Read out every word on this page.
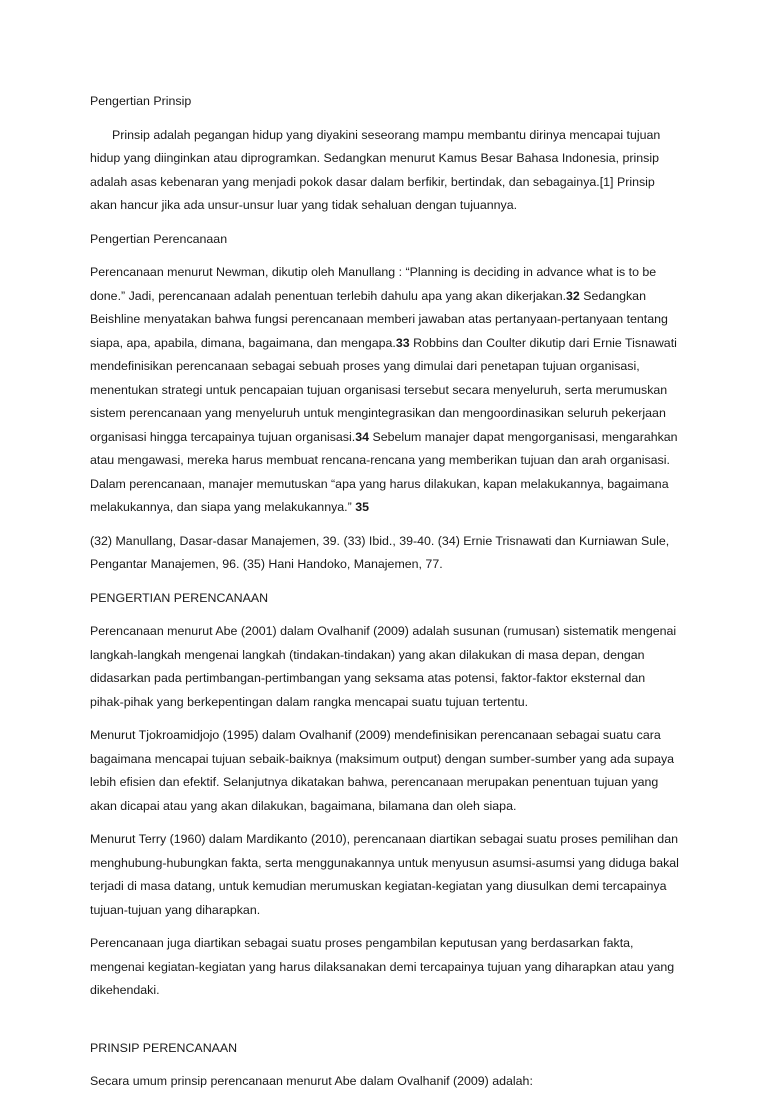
Pengertian Prinsip

Prinsip adalah pegangan hidup yang diyakini seseorang mampu membantu dirinya mencapai tujuan hidup yang diinginkan atau diprogramkan. Sedangkan menurut Kamus Besar Bahasa Indonesia, prinsip adalah asas kebenaran yang menjadi pokok dasar dalam berfikir, bertindak, dan sebagainya.[1] Prinsip akan hancur jika ada unsur-unsur luar yang tidak sehaluan dengan tujuannya.

Pengertian Perencanaan

Perencanaan menurut Newman, dikutip oleh Manullang : “Planning is deciding in advance what is to be done.” Jadi, perencanaan adalah penentuan terlebih dahulu apa yang akan dikerjakan.32 Sedangkan Beishline menyatakan bahwa fungsi perencanaan memberi jawaban atas pertanyaan-pertanyaan tentang siapa, apa, apabila, dimana, bagaimana, dan mengapa.33 Robbins dan Coulter dikutip dari Ernie Tisnawati mendefinisikan perencanaan sebagai sebuah proses yang dimulai dari penetapan tujuan organisasi, menentukan strategi untuk pencapaian tujuan organisasi tersebut secara menyeluruh, serta merumuskan sistem perencanaan yang menyeluruh untuk mengintegrasikan dan mengoordinasikan seluruh pekerjaan organisasi hingga tercapainya tujuan organisasi.34 Sebelum manajer dapat mengorganisasi, mengarahkan atau mengawasi, mereka harus membuat rencana-rencana yang memberikan tujuan dan arah organisasi. Dalam perencanaan, manajer memutuskan “apa yang harus dilakukan, kapan melakukannya, bagaimana melakukannya, dan siapa yang melakukannya.” 35

(32) Manullang, Dasar-dasar Manajemen, 39. (33) Ibid., 39-40. (34) Ernie Trisnawati dan Kurniawan Sule, Pengantar Manajemen, 96. (35) Hani Handoko, Manajemen, 77.

PENGERTIAN PERENCANAAN

Perencanaan menurut Abe (2001) dalam Ovalhanif (2009) adalah susunan (rumusan) sistematik mengenai langkah-langkah mengenai langkah (tindakan-tindakan) yang akan dilakukan di masa depan, dengan didasarkan pada pertimbangan-pertimbangan yang seksama atas potensi, faktor-faktor eksternal dan pihak-pihak yang berkepentingan dalam rangka mencapai suatu tujuan tertentu.

Menurut Tjokroamidjojo (1995) dalam Ovalhanif (2009) mendefinisikan perencanaan sebagai suatu cara bagaimana mencapai tujuan sebaik-baiknya (maksimum output) dengan sumber-sumber yang ada supaya lebih efisien dan efektif. Selanjutnya dikatakan bahwa, perencanaan merupakan penentuan tujuan yang akan dicapai atau yang akan dilakukan, bagaimana, bilamana dan oleh siapa.

Menurut Terry (1960) dalam Mardikanto (2010), perencanaan diartikan sebagai suatu proses pemilihan dan menghubung-hubungkan fakta, serta menggunakannya untuk menyusun asumsi-asumsi yang diduga bakal terjadi di masa datang, untuk kemudian merumuskan kegiatan-kegiatan yang diusulkan demi tercapainya tujuan-tujuan yang diharapkan.

Perencanaan juga diartikan sebagai suatu proses pengambilan keputusan yang berdasarkan fakta, mengenai kegiatan-kegiatan yang harus dilaksanakan demi tercapainya tujuan yang diharapkan atau yang dikehendaki.

PRINSIP PERENCANAAN

Secara umum prinsip perencanaan menurut Abe dalam Ovalhanif (2009) adalah:
